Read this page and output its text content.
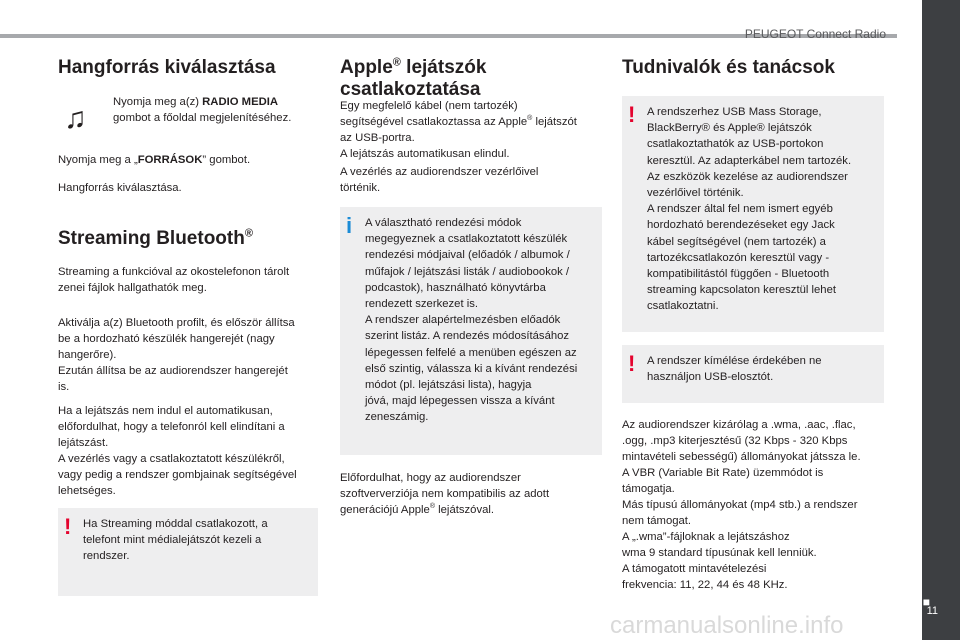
PEUGEOT Connect Radio
■
11
Hangforrás kiválasztása
♫ Nyomja meg a(z) RADIO MEDIA
gombot a főoldal megjelenítéséhez.

Nyomja meg a „FORRÁSOK” gombot.

Hangforrás kiválasztása.

Streaming Bluetooth®

Streaming a funkcióval az okostelefonon tárolt
zenei fájlok hallgathatók meg.

Aktiválja a(z) Bluetooth profilt, és először állítsa
be a hordozható készülék hangerejét (nagy
hangerőre).
Ezután állítsa be az audiorendszer hangerejét
is.

Ha a lejátszás nem indul el automatikusan,
előfordulhat, hogy a telefonról kell elindítani a
lejátszást.
A vezérlés vagy a csatlakoztatott készülékről,
vagy pedig a rendszer gombjainak segítségével
lehetséges.

! Ha Streaming móddal csatlakozott, a
telefont mint médialejátszót kezeli a
rendszer.
Apple® lejátszók
csatlakoztatása

Egy megfelelő kábel (nem tartozék)
segítségével csatlakoztassa az Apple® lejátszót
az USB-portra.
A lejátszás automatikusan elindul.

A vezérlés az audiorendszer vezérlőivel
történik.

i A választható rendezési módok
megegyeznek a csatlakoztatott készülék
rendezési módjaival (előadók / albumok /
műfajok / lejátszási listák / audiobookok /
podcastok), használható könyvtárba
rendezett szerkezet is.
A rendszer alapértelmezésben előadók
szerint listáz. A rendezés módosításához
lépegessen felfelé a menüben egészen az
első szintig, válassza ki a kívánt rendezési
módot (pl. lejátszási lista), hagyja
jóvá, majd lépegessen vissza a kívánt
zeneszámig.

Előfordulhat, hogy az audiorendszer
szoftververziója nem kompatibilis az adott
generációjú Apple® lejátszóval.

Tudnivalók és tanácsok
! A rendszerhez USB Mass Storage,
BlackBerry® és Apple® lejátszók
csatlakoztathatók az USB-portokon
keresztül. Az adapterkábel nem tartozék.
Az eszközök kezelése az audiorendszer
vezérlőivel történik.
A rendszer által fel nem ismert egyéb
hordozható berendezéseket egy Jack
kábel segítségével (nem tartozék) a
tartozékcsatlakozón keresztül vagy -
kompatibilitástól függően - Bluetooth
streaming kapcsolaton keresztül lehet
csatlakoztatni.
! A rendszer kímélése érdekében ne
használjon USB-elosztót.

Az audiorendszer kizárólag a .wma, .aac, .flac,
.ogg, .mp3 kiterjesztésű (32 Kbps - 320 Kbps
mintavételi sebességű) állományokat játssza le.
A VBR (Variable Bit Rate) üzemmódot is
támogatja.
Más típusú állományokat (mp4 stb.) a rendszer
nem támogat.
A „.wma”-fájloknak a lejátszáshoz
wma 9 standard típusúnak kell lenniük.
A támogatott mintavételezési
frekvencia: 11, 22, 44 és 48 KHz.

carmanualsonline.info
